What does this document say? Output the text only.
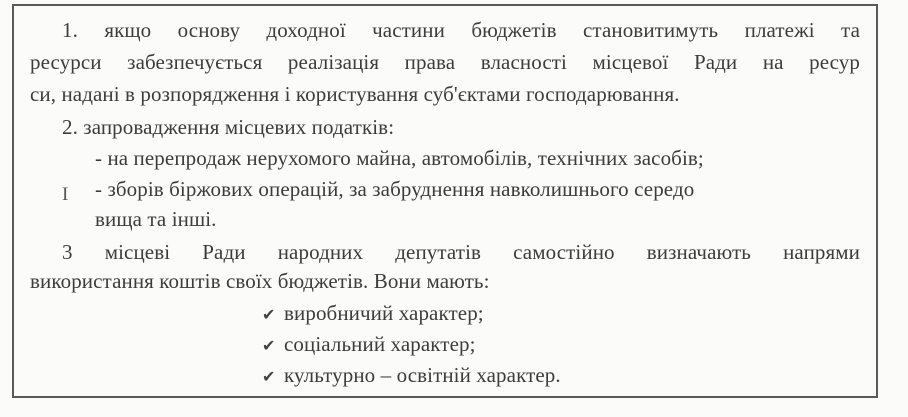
1. якщо основу доходної частини бюджетів становитимуть платежі та
ресурси забезпечується реалізація права власності місцевої Ради на ресур
си, надані в розпорядження і користування суб'єктами господарювання.
2. запровадження місцевих податків:
- на перепродаж нерухомого майна, автомобілів, технічних засобів;
I - зборів біржових операцій, за забруднення навколишнього середо
вища та інші.
3 місцеві Ради народних депутатів самостійно визначають напрями
використання коштів своїх бюджетів. Вони мають:
✔ виробничий характер;
✔ соціальний характер;
✔ культурно – освітній характер.
